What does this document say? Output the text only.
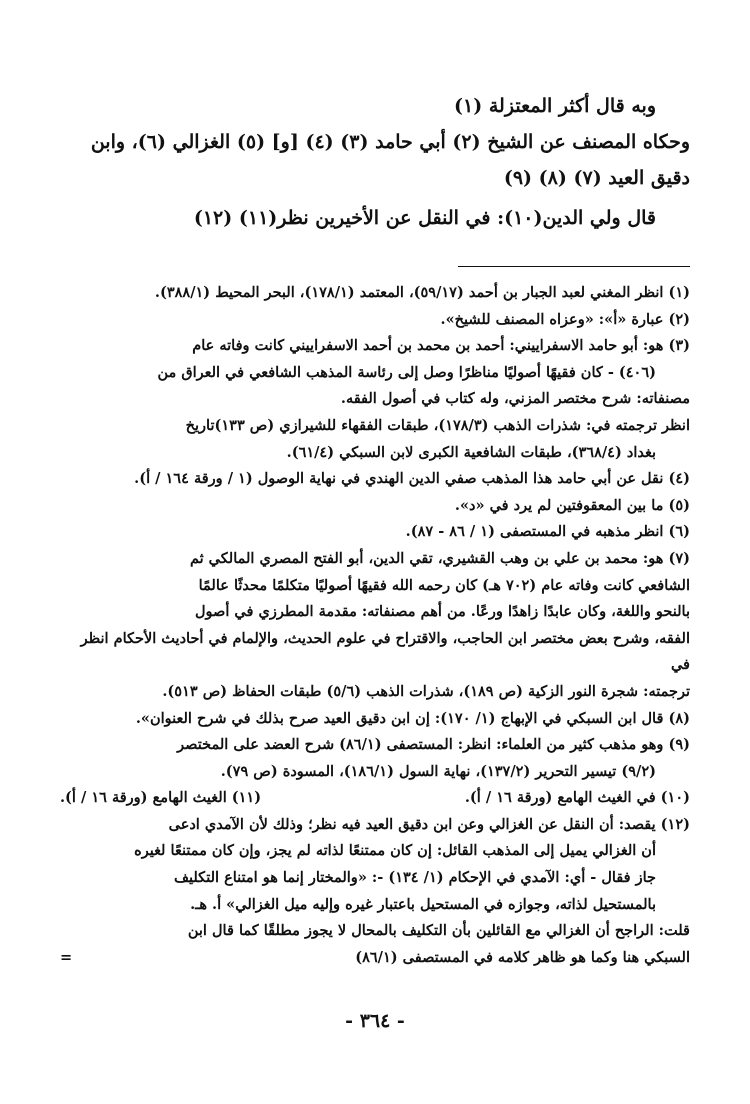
وبه قال أكثر المعتزلة (١)

وحكاه المصنف عن الشيخ (٢) أبي حامد (٣) (٤) [و] (٥) الغزالي (٦)، وابن

دقيق العيد (٧) (٨) (٩)

قال ولي الدين(١٠): في النقل عن الأخيرين نظر(١١) (١٢)

(١) انظر المغني لعبد الجبار بن أحمد (٥٩/١٧)، المعتمد (١٧٨/١)، البحر المحيط (٣٨٨/١).

(٢) عبارة «أ»: «وعزاه المصنف للشيخ».

(٣) هو: أبو حامد الاسفراييني: أحمد بن محمد بن أحمد الاسفراييني كانت وفاته عام

(٤٠٦) - كان فقيهًا أصوليًا مناظرًا وصل إلى رئاسة المذهب الشافعي في العراق من

مصنفاته: شرح مختصر المزني، وله كتاب في أصول الفقه.

انظر ترجمته في: شذرات الذهب (١٧٨/٣)، طبقات الفقهاء للشيرازي (ص ١٣٣)تاريخ

بغداد (٣٦٨/٤)، طبقات الشافعية الكبرى لابن السبكي (٦١/٤).

(٤) نقل عن أبي حامد هذا المذهب صفي الدين الهندي في نهاية الوصول (١ / ورقة ١٦٤ / أ).

(٥) ما بين المعقوفتين لم يرد في «د».

(٦) انظر مذهبه في المستصفى (١ / ٨٦ - ٨٧).

(٧) هو: محمد بن علي بن وهب القشيري، تقي الدين، أبو الفتح المصري المالكي ثم

الشافعي كانت وفاته عام (٧٠٢ هـ) كان رحمه الله فقيهًا أصوليًا متكلمًا محدثًا عالمًا

بالنحو واللغة، وكان عابدًا زاهدًا ورعًا. من أهم مصنفاته: مقدمة المطرزي في أصول

الفقه، وشرح بعض مختصر ابن الحاجب، والاقتراح في علوم الحديث، والإلمام في أحاديث الأحكام انظر في

ترجمته: شجرة النور الزكية (ص ١٨٩)، شذرات الذهب (٥/٦) طبقات الحفاظ (ص ٥١٣).

(٨) قال ابن السبكي في الإبهاج (١/ ١٧٠): إن ابن دقيق العيد صرح بذلك في شرح العنوان».

(٩) وهو مذهب كثير من العلماء: انظر: المستصفى (٨٦/١) شرح العضد على المختصر

(٩/٢) تيسير التحرير (١٣٧/٢)، نهاية السول (١٨٦/١)، المسودة (ص ٧٩).

(١٠) في الغيث الهامع (ورقة ١٦ / أ).
(١١) الغيث الهامع (ورقة ١٦ / أ).

(١٢) يقصد: أن النقل عن الغزالي وعن ابن دقيق العيد فيه نظر؛ وذلك لأن الآمدي ادعى

أن الغزالي يميل إلى المذهب القائل: إن كان ممتنعًا لذاته لم يجز، وإن كان ممتنعًا لغيره

جاز فقال - أي: الآمدي في الإحكام (١/ ١٣٤) -: «والمختار إنما هو امتناع التكليف

بالمستحيل لذاته، وجوازه في المستحيل باعتبار غيره وإليه ميل الغزالي» أ. هـ.

قلت: الراجح أن الغزالي مع القائلين بأن التكليف بالمحال لا يجوز مطلقًا كما قال ابن

السبكي هنا وكما هو ظاهر كلامه في المستصفى (٨٦/١)
=
- ٣٦٤ -
